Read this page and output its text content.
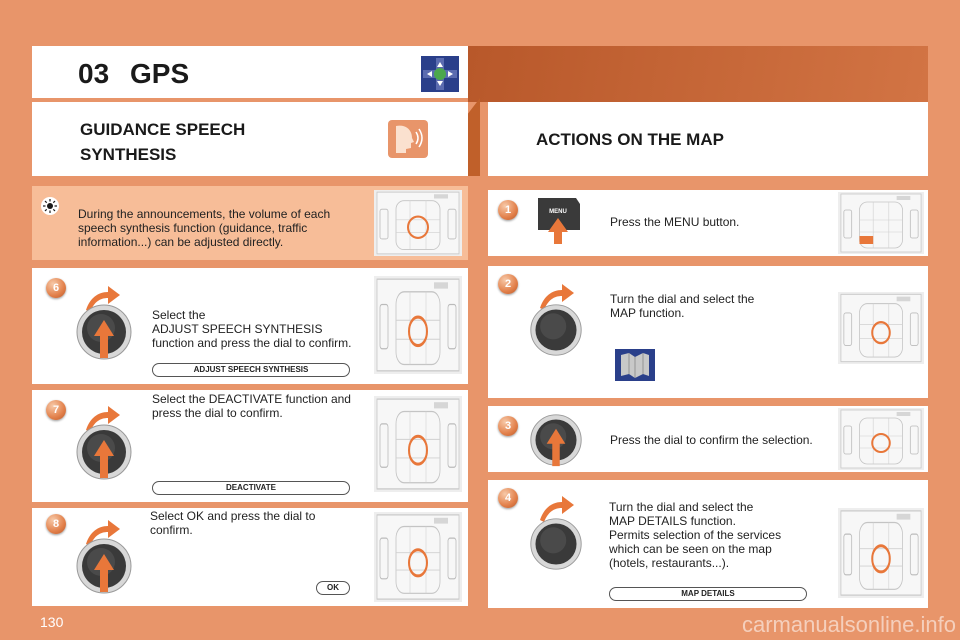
03 GPS
GUIDANCE SPEECH
SYNTHESIS
ACTIONS ON THE MAP
During the announcements, the volume of each
speech synthesis function (guidance, traffic
information...) can be adjusted directly.
6
Select the
ADJUST SPEECH SYNTHESIS
function and press the dial to confirm.
ADJUST SPEECH SYNTHESIS
7
Select the DEACTIVATE function and
press the dial to confirm.
DEACTIVATE
8
Select OK and press the dial to
confirm.
OK
1	MENU
Press the MENU button.
2
Turn the dial and select the
MAP function.
3
Press the dial to confirm the selection.
4
Turn the dial and select the
MAP DETAILS function.
Permits selection of the services
which can be seen on the map
(hotels, restaurants...).
MAP DETAILS
130	carmanualsonline.info
